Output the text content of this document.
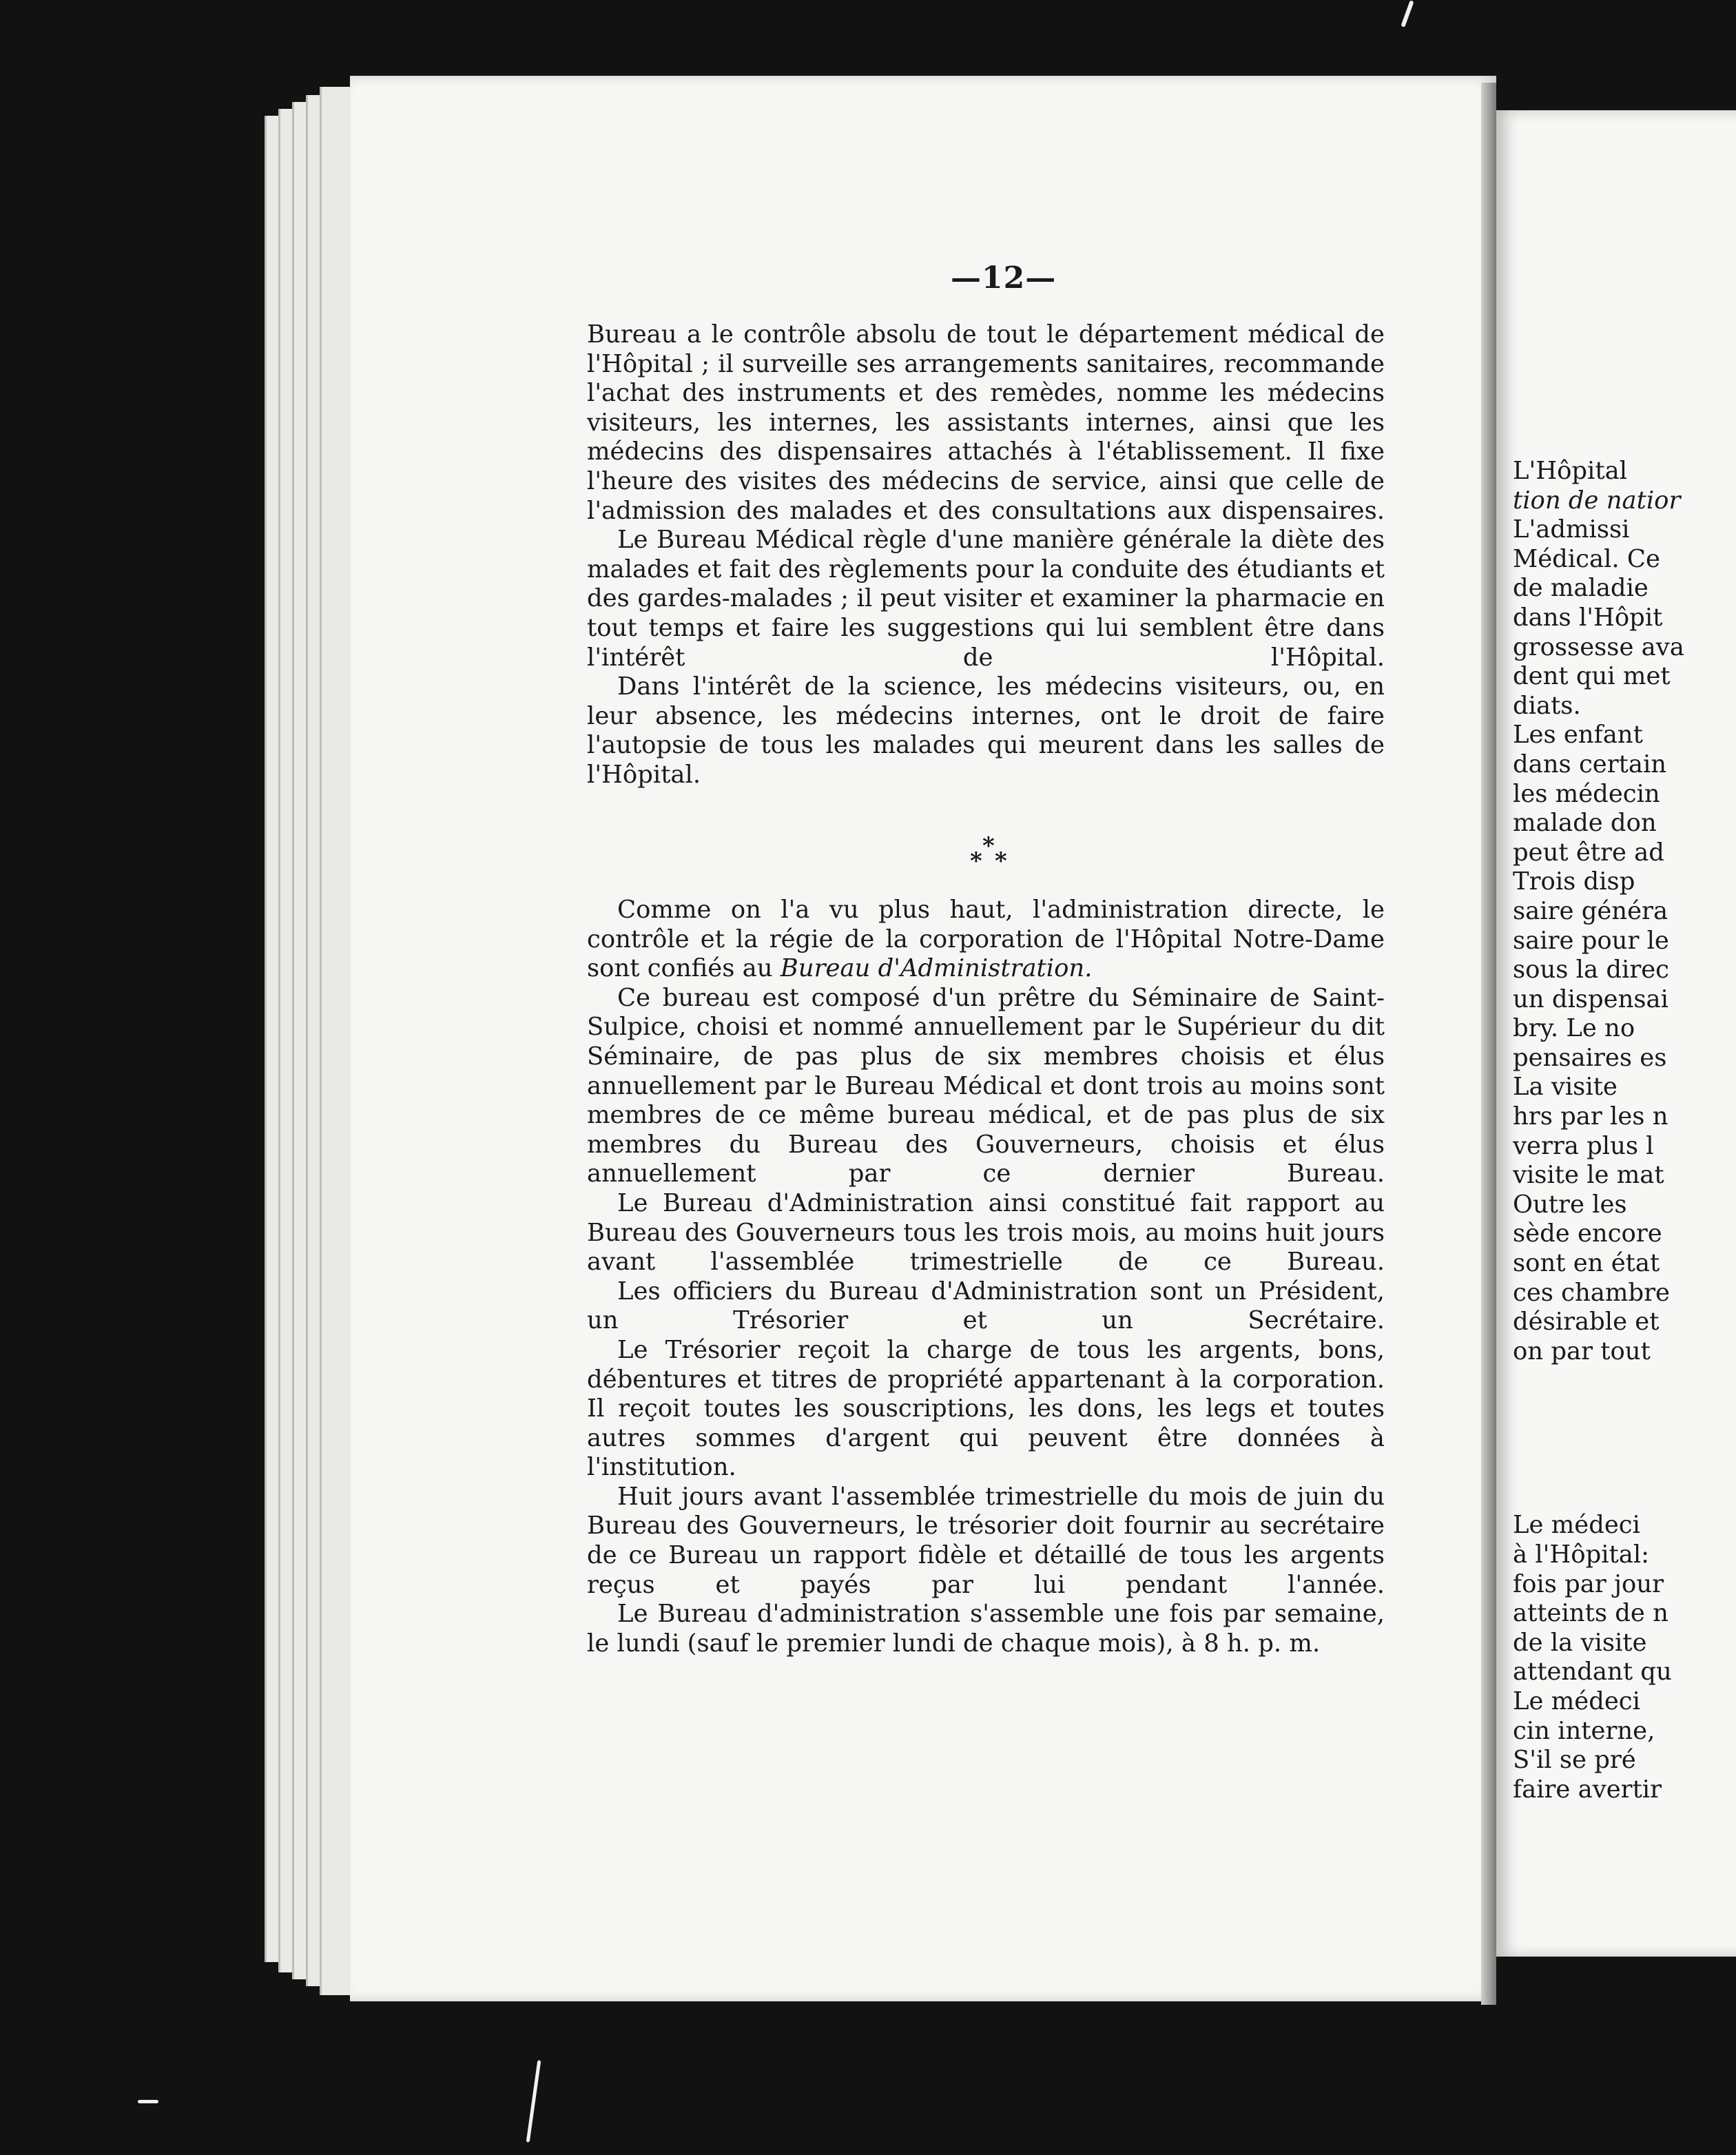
—12—

Bureau a le contrôle absolu de tout le département médical de l'Hôpital ; il surveille ses arrangements sanitaires, recommande l'achat des instruments et des remèdes, nomme les médecins visiteurs, les internes, les assistants internes, ainsi que les médecins des dispensaires attachés à l'établissement. Il fixe l'heure des visites des médecins de service, ainsi que celle de l'admission des malades et des consultations aux dispensaires.

Le Bureau Médical règle d'une manière générale la diète des malades et fait des règlements pour la conduite des étudiants et des gardes-malades ; il peut visiter et examiner la pharmacie en tout temps et faire les suggestions qui lui semblent être dans l'intérêt de l'Hôpital.

Dans l'intérêt de la science, les médecins visiteurs, ou, en leur absence, les médecins internes, ont le droit de faire l'autopsie de tous les malades qui meurent dans les salles de l'Hôpital.

*
* *

Comme on l'a vu plus haut, l'administration directe, le contrôle et la régie de la corporation de l'Hôpital Notre-Dame sont confiés au Bureau d'Administration.

Ce bureau est composé d'un prêtre du Séminaire de Saint-Sulpice, choisi et nommé annuellement par le Supérieur du dit Séminaire, de pas plus de six membres choisis et élus annuellement par le Bureau Médical et dont trois au moins sont membres de ce même bureau médical, et de pas plus de six membres du Bureau des Gouverneurs, choisis et élus annuellement par ce dernier Bureau.

Le Bureau d'Administration ainsi constitué fait rapport au Bureau des Gouverneurs tous les trois mois, au moins huit jours avant l'assemblée trimestrielle de ce Bureau.

Les officiers du Bureau d'Administration sont un Président, un Trésorier et un Secrétaire.

Le Trésorier reçoit la charge de tous les argents, bons, débentures et titres de propriété appartenant à la corporation. Il reçoit toutes les souscriptions, les dons, les legs et toutes autres sommes d'argent qui peuvent être données à l'institution.

Huit jours avant l'assemblée trimestrielle du mois de juin du Bureau des Gouverneurs, le trésorier doit fournir au secrétaire de ce Bureau un rapport fidèle et détaillé de tous les argents reçus et payés par lui pendant l'année.

Le Bureau d'administration s'assemble une fois par semaine, le lundi (sauf le premier lundi de chaque mois), à 8 h. p. m.

L'Hôpital
tion de natior
L'admissi
Médical. Ce
de maladie
dans l'Hôpit
grossesse ava
dent qui met
diats.
Les enfant
dans certain
les médecin
malade don
peut être ad
Trois disp
saire généra
saire pour le
sous la direc
un dispensai
bry. Le no
pensaires es
La visite
hrs par les n
verra plus l
visite le mat
Outre les
sède encore
sont en état
ces chambre
désirable et
on par tout
Le médeci
à l'Hôpital:
fois par jour
atteints de n
de la visite
attendant qu
Le médeci
cin interne,
S'il se pré
faire avertir
